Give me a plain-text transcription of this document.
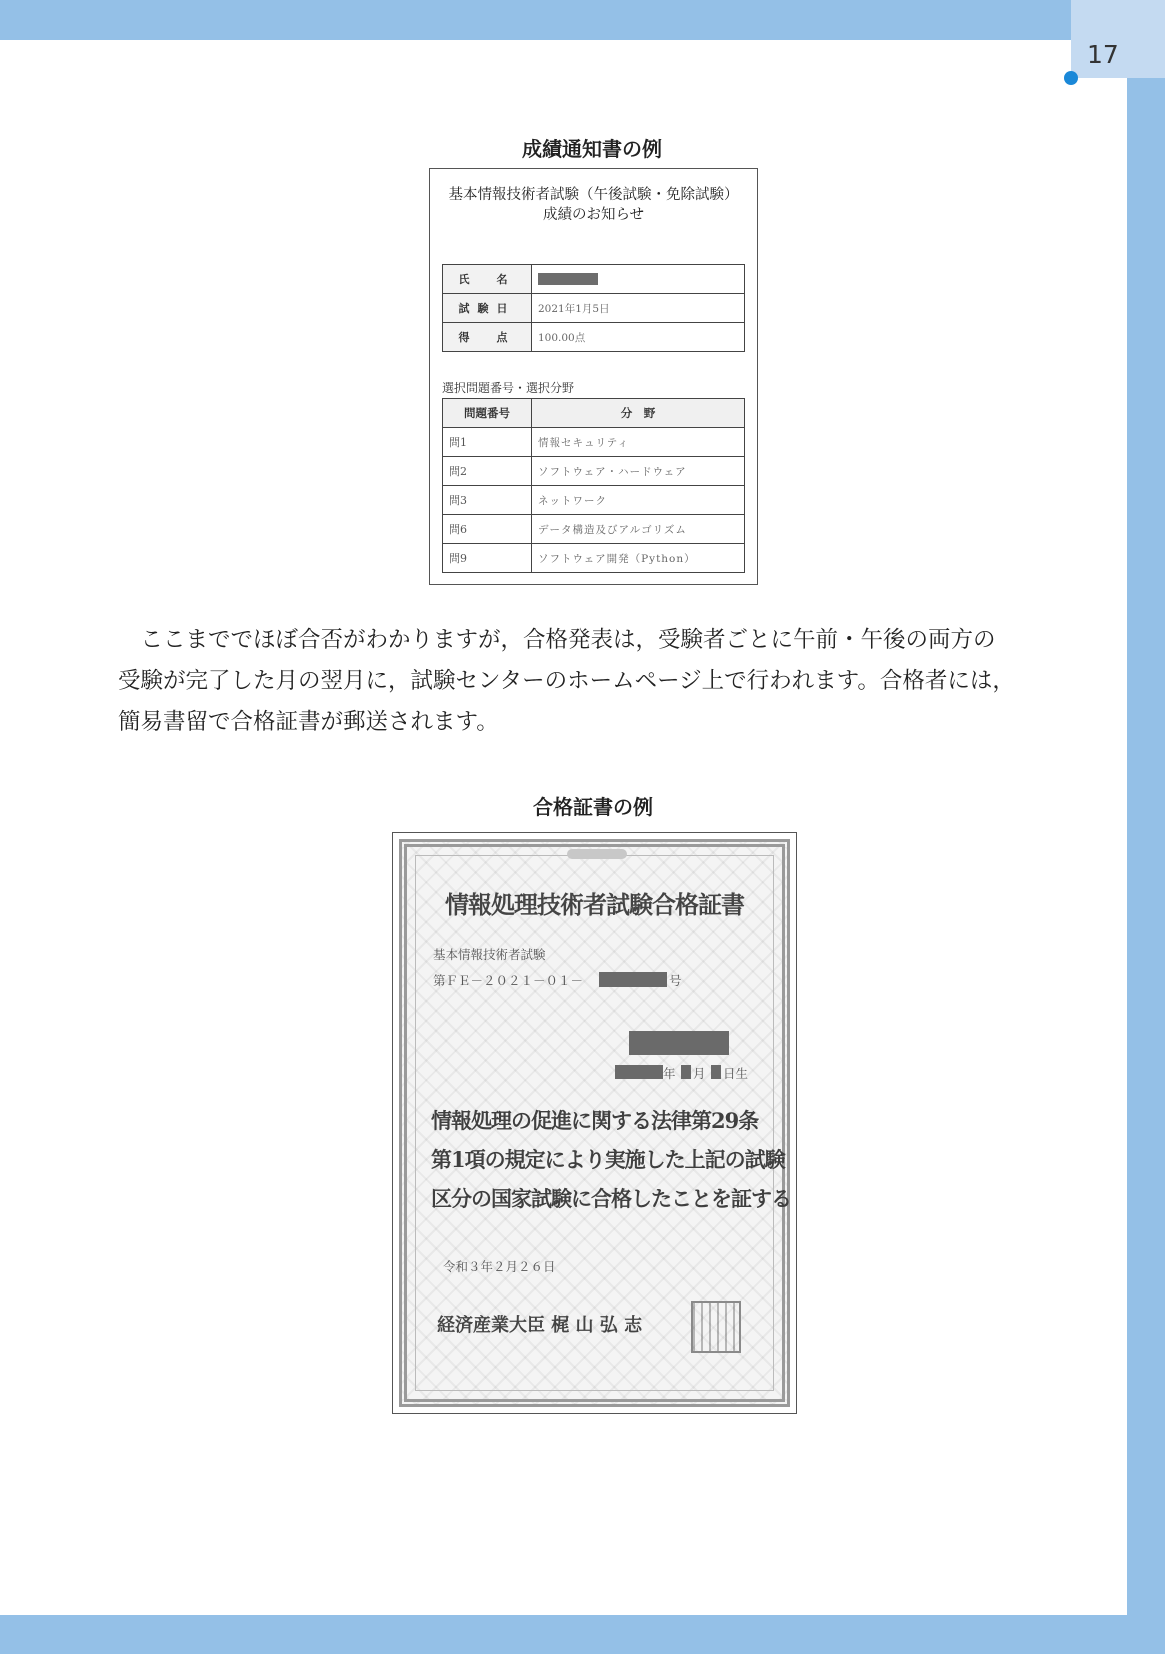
17
成績通知書の例
基本情報技術者試験（午後試験・免除試験）
成績のお知らせ
氏　名	
試験日	2021年1月5日
得　点	100.00点
選択問題番号・選択分野
問題番号	分　野
問1	情報セキュリティ
問2	ソフトウェア・ハードウェア
問3	ネットワーク
問6	データ構造及びアルゴリズム
問9	ソフトウェア開発（Python）

　ここまででほぼ合否がわかりますが，合格発表は，受験者ごとに午前・午後の両方の

受験が完了した月の翌月に，試験センターのホームページ上で行われます。合格者には，

簡易書留で合格証書が郵送されます。

合格証書の例
情報処理技術者試験合格証書
基本情報技術者試験
第ＦＥ－２０２１－０１－	号
年 月 日生

情報処理の促進に関する法律第29条

第1項の規定により実施した上記の試験

区分の国家試験に合格したことを証する

令和３年２月２６日
経済産業大臣 梶 山 弘 志
